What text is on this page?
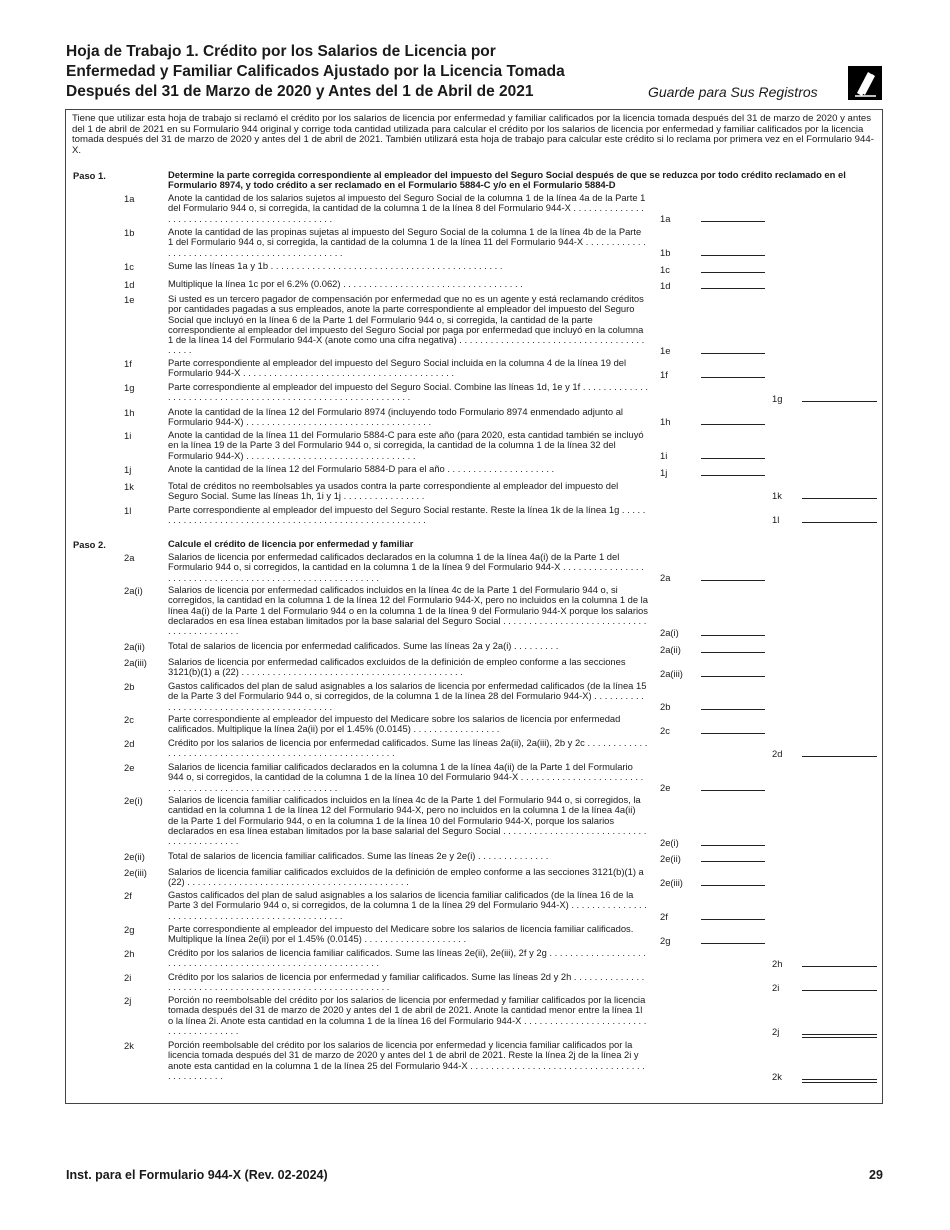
Hoja de Trabajo 1. Crédito por los Salarios de Licencia por
Enfermedad y Familiar Calificados Ajustado por la Licencia Tomada
Después del 31 de Marzo de 2020 y Antes del 1 de Abril de 2021	Guarde para Sus Registros
Tiene que utilizar esta hoja de trabajo si reclamó el crédito por los salarios de licencia por enfermedad y familiar calificados por la licencia tomada después del 31 de marzo de 2020 y antes del 1 de abril de 2021 en su Formulario 944 original y corrige toda cantidad utilizada para calcular el crédito por los salarios de licencia por enfermedad y familiar calificados por la licencia tomada después del 31 de marzo de 2020 y antes del 1 de abril de 2021. También utilizará esta hoja de trabajo para calcular este crédito si lo reclama por primera vez en el Formulario 944-X.
Paso 1.	Determine la parte corregida correspondiente al empleador del impuesto del Seguro Social después de que se reduzca por todo crédito reclamado en el Formulario 8974, y todo crédito a ser reclamado en el Formulario 5884-C y/o en el Formulario 5884-D
1a	Anote la cantidad de los salarios sujetos al impuesto del Seguro Social de la columna 1 de la línea 4a de la Parte 1 del Formulario 944 o, si corregida, la cantidad de la columna 1 de la línea 8 del Formulario 944-X . . . . . . . . . . . . . . . . . . . . . . . . . . . . . . . . . . . . . . . . . . . . . .	1a
1b	Anote la cantidad de las propinas sujetas al impuesto del Seguro Social de la columna 1 de la línea 4b de la Parte 1 del Formulario 944 o, si corregida, la cantidad de la columna 1 de la línea 11 del Formulario 944-X . . . . . . . . . . . . . . . . . . . . . . . . . . . . . . . . . . . . . . . . . . . . . .	1b
1c	Sume las líneas 1a y 1b . . . . . . . . . . . . . . . . . . . . . . . . . . . . . . . . . . . . . . . . . . . . .	1c
1d	Multiplique la línea 1c por el 6.2% (0.062) . . . . . . . . . . . . . . . . . . . . . . . . . . . . . . . . . . .	1d
1e	Si usted es un tercero pagador de compensación por enfermedad que no es un agente y está reclamando créditos por cantidades pagadas a sus empleados, anote la parte correspondiente al empleador del impuesto del Seguro Social que incluyó en la línea 6 de la Parte 1 del Formulario 944 o, si corregida, la cantidad de la parte correspondiente al empleador del impuesto del Seguro Social por paga por enfermedad que incluyó en la columna 1 de la línea 14 del Formulario 944-X (anote como una cifra negativa) . . . . . . . . . . . . . . . . . . . . . . . . . . . . . . . . . . . . . . . . .	1e
1f	Parte correspondiente al empleador del impuesto del Seguro Social incluida en la columna 4 de la línea 19 del Formulario 944-X . . . . . . . . . . . . . . . . . . . . . . . . . . . . . . . . . . . . . . . . .	1f
1g	Parte correspondiente al empleador del impuesto del Seguro Social. Combine las líneas 1d, 1e y 1f . . . . . . . . . . . . . . . . . . . . . . . . . . . . . . . . . . . . . . . . . . . . . . . . . . . . . . . . . . . .	1g
1h	Anote la cantidad de la línea 12 del Formulario 8974 (incluyendo todo Formulario 8974 enmendado adjunto al Formulario 944-X) . . . . . . . . . . . . . . . . . . . . . . . . . . . . . . . . . . . .	1h
1i	Anote la cantidad de la línea 11 del Formulario 5884-C para este año (para 2020, esta cantidad también se incluyó en la línea 19 de la Parte 3 del Formulario 944 o, si corregida, la cantidad de la columna 1 de la línea 32 del Formulario 944-X) . . . . . . . . . . . . . . . . . . . . . . . . . . . . . . . . .	1i
1j	Anote la cantidad de la línea 12 del Formulario 5884-D para el año . . . . . . . . . . . . . . . . . . . . .	1j
1k	Total de créditos no reembolsables ya usados contra la parte correspondiente al empleador del impuesto del Seguro Social. Sume las líneas 1h, 1i y 1j . . . . . . . . . . . . . . . .	1k
1l	Parte correspondiente al empleador del impuesto del Seguro Social restante. Reste la línea 1k de la línea 1g . . . . . . . . . . . . . . . . . . . . . . . . . . . . . . . . . . . . . . . . . . . . . . . . . . . . . . .	1l
Paso 2.	Calcule el crédito de licencia por enfermedad y familiar
2a	Salarios de licencia por enfermedad calificados declarados en la columna 1 de la línea 4a(i) de la Parte 1 del Formulario 944 o, si corregidos, la cantidad en la columna 1 de la línea 9 del Formulario 944-X . . . . . . . . . . . . . . . . . . . . . . . . . . . . . . . . . . . . . . . . . . . . . . . . . . . . . . . . .	2a
2a(i)	Salarios de licencia por enfermedad calificados incluidos en la línea 4c de la Parte 1 del Formulario 944 o, si corregidos, la cantidad en la columna 1 de la línea 12 del Formulario 944-X, pero no incluidos en la columna 1 de la línea 4a(i) de la Parte 1 del Formulario 944 o en la columna 1 de la línea 9 del Formulario 944-X porque los salarios declarados en esa línea estaban limitados por la base salarial del Seguro Social . . . . . . . . . . . . . . . . . . . . . . . . . . . . . . . . . . . . . . . . . .	2a(i)
2a(ii) Total de salarios de licencia por enfermedad calificados. Sume las líneas 2a y 2a(i) . . . . . . . . .	2a(ii)
2a(iii) Salarios de licencia por enfermedad calificados excluidos de la definición de empleo conforme a las secciones 3121(b)(1) a (22) . . . . . . . . . . . . . . . . . . . . . . . . . . . . . . . . . . . . . . . . . . .	2a(iii)
2b	Gastos calificados del plan de salud asignables a los salarios de licencia por enfermedad calificados (de la línea 15 de la Parte 3 del Formulario 944 o, si corregidos, de la columna 1 de la línea 28 del Formulario 944-X) . . . . . . . . . . . . . . . . . . . . . . . . . . . . . . . . . . . . . . . . . .	2b
2c	Parte correspondiente al empleador del impuesto del Medicare sobre los salarios de licencia por enfermedad calificados. Multiplique la línea 2a(ii) por el 1.45% (0.0145) . . . . . . . . . . . . . . . . .	2c
2d	Crédito por los salarios de licencia por enfermedad calificados. Sume las líneas 2a(ii), 2a(iii), 2b y 2c . . . . . . . . . . . . . . . . . . . . . . . . . . . . . . . . . . . . . . . . . . . . . . . . . . . . . . . .	2d
2e	Salarios de licencia familiar calificados declarados en la columna 1 de la línea 4a(ii) de la Parte 1 del Formulario 944 o, si corregidos, la cantidad de la columna 1 de la línea 10 del Formulario 944-X . . . . . . . . . . . . . . . . . . . . . . . . . . . . . . . . . . . . . . . . . . . . . . . . . . . . . . . . .	2e
2e(i)	Salarios de licencia familiar calificados incluidos en la línea 4c de la Parte 1 del Formulario 944 o, si corregidos, la cantidad en la columna 1 de la línea 12 del Formulario 944-X, pero no incluidos en la columna 1 de la línea 4a(ii) de la Parte 1 del Formulario 944, o en la columna 1 de la línea 10 del Formulario 944-X, porque los salarios declarados en esa línea estaban limitados por la base salarial del Seguro Social . . . . . . . . . . . . . . . . . . . . . . . . . . . . . . . . . . . . . . . . . .	2e(i)
2e(ii) Total de salarios de licencia familiar calificados. Sume las líneas 2e y 2e(i) . . . . . . . . . . . . . .	2e(ii)
2e(iii) Salarios de licencia familiar calificados excluidos de la definición de empleo conforme a las secciones 3121(b)(1) a (22) . . . . . . . . . . . . . . . . . . . . . . . . . . . . . . . . . . . . . . . . . . .	2e(iii)
2f	Gastos calificados del plan de salud asignables a los salarios de licencia familiar calificados (de la línea 16 de la Parte 3 del Formulario 944 o, si corregidos, de la columna 1 de la línea 29 del Formulario 944-X) . . . . . . . . . . . . . . . . . . . . . . . . . . . . . . . . . . . . . . . . . . . . . . . . .	2f
2g	Parte correspondiente al empleador del impuesto del Medicare sobre los salarios de licencia familiar calificados. Multiplique la línea 2e(ii) por el 1.45% (0.0145) . . . . . . . . . . . . . . . . . . . .	2g
2h	Crédito por los salarios de licencia familiar calificados. Sume las líneas 2e(ii), 2e(iii), 2f y 2g . . . . . . . . . . . . . . . . . . . . . . . . . . . . . . . . . . . . . . . . . . . . . . . . . . . . . . . . . . . .	2h
2i	Crédito por los salarios de licencia por enfermedad y familiar calificados. Sume las líneas 2d y 2h . . . . . . . . . . . . . . . . . . . . . . . . . . . . . . . . . . . . . . . . . . . . . . . . . . . . . . . . .	2i
2j	Porción no reembolsable del crédito por los salarios de licencia por enfermedad y familiar calificados por la licencia tomada después del 31 de marzo de 2020 y antes del 1 de abril de 2021. Anote la cantidad menor entre la línea 1l o la línea 2i. Anote esta cantidad en la columna 1 de la línea 16 del Formulario 944-X . . . . . . . . . . . . . . . . . . . . . . . . . . . . . . . . . . . . . .	2j
2k	Porción reembolsable del crédito por los salarios de licencia por enfermedad y licencia familiar calificados por la licencia tomada después del 31 de marzo de 2020 y antes del 1 de abril de 2021. Reste la línea 2j de la línea 2i y anote esta cantidad en la columna 1 de la línea 25 del Formulario 944-X . . . . . . . . . . . . . . . . . . . . . . . . . . . . . . . . . . . . . . . . . . . . .	2k
Inst. para el Formulario 944-X (Rev. 02-2024)	29
